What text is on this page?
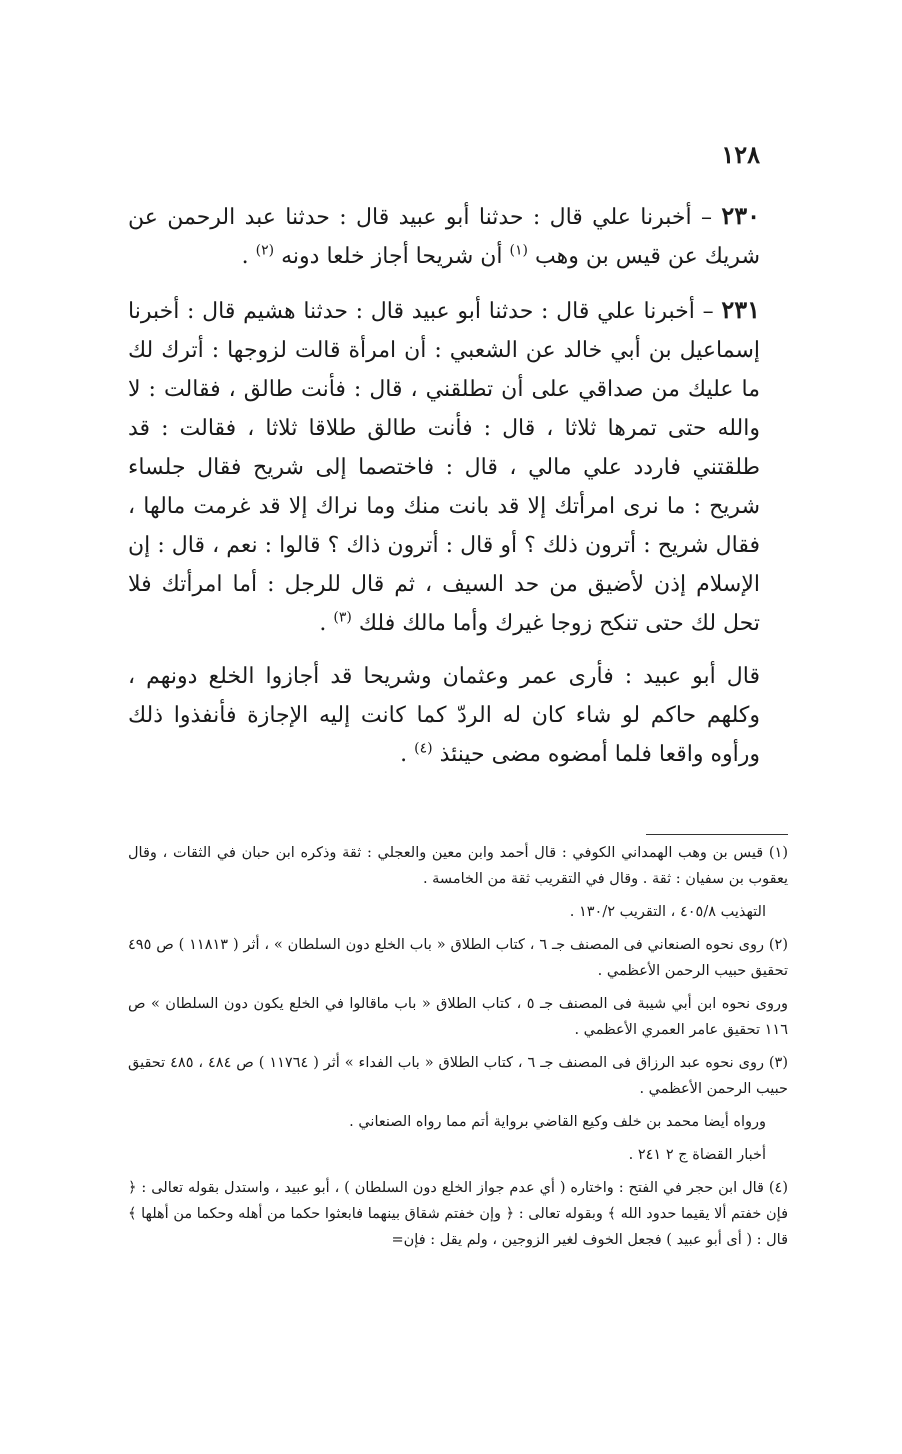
١٢٨

٢٣٠ – أخبرنا علي قال : حدثنا أبو عبيد قال : حدثنا عبد الرحمن عن شريك عن قيس بن وهب $^{(١)}$ أن شريحا أجاز خلعا دونه $^{(٢)}$ .

٢٣١ – أخبرنا علي قال : حدثنا أبو عبيد قال : حدثنا هشيم قال : أخبرنا إسماعيل بن أبي خالد عن الشعبي : أن امرأة قالت لزوجها : أترك لك ما عليك من صداقي على أن تطلقني ، قال : فأنت طالق ، فقالت : لا والله حتى تمرها ثلاثا ، قال : فأنت طالق طلاقا ثلاثا ، فقالت : قد طلقتني فاردد علي مالي ، قال : فاختصما إلى شريح فقال جلساء شريح : ما نرى امرأتك إلا قد بانت منك وما نراك إلا قد غرمت مالها ، فقال شريح : أترون ذلك ؟ أو قال : أترون ذاك ؟ قالوا : نعم ، قال : إن الإسلام إذن لأضيق من حد السيف ، ثم قال للرجل : أما امرأتك فلا تحل لك حتى تنكح زوجا غيرك وأما مالك فلك $^{(٣)}$ .

قال أبو عبيد : فأرى عمر وعثمان وشريحا قد أجازوا الخلع دونهم ، وكلهم حاكم لو شاء كان له الردّ كما كانت إليه الإجازة فأنفذوا ذلك ورأوه واقعا فلما أمضوه مضى حينئذ $^{(٤)}$ .

(١) قيس بن وهب الهمداني الكوفي : قال أحمد وابن معين والعجلي : ثقة وذكره ابن حبان في الثقات ، وقال يعقوب بن سفيان : ثقة . وقال في التقريب ثقة من الخامسة .

التهذيب ٤٠٥/٨ ، التقريب ١٣٠/٢ .

(٢) روى نحوه الصنعاني فى المصنف جـ ٦ ، كتاب الطلاق « باب الخلع دون السلطان » ، أثر ( ١١٨١٣ ) ص ٤٩٥ تحقيق حبيب الرحمن الأعظمي .

وروى نحوه ابن أبي شيبة فى المصنف جـ ٥ ، كتاب الطلاق « باب ماقالوا في الخلع يكون دون السلطان » ص ١١٦ تحقيق عامر العمري الأعظمي .

(٣) روى نحوه عبد الرزاق فى المصنف جـ ٦ ، كتاب الطلاق « باب الفداء » أثر ( ١١٧٦٤ ) ص ٤٨٤ ، ٤٨٥ تحقيق حبيب الرحمن الأعظمي .

ورواه أيضا محمد بن خلف وكيع القاضي برواية أتم مما رواه الصنعاني .

أخبار القضاة ج ٢ ٢٤١ .

(٤) قال ابن حجر في الفتح : واختاره ( أي عدم جواز الخلع دون السلطان ) ، أبو عبيد ، واستدل بقوله تعالى : ﴿ فإن خفتم ألا يقيما حدود الله ﴾ وبقوله تعالى : ﴿ وإن خفتم شقاق بينهما فابعثوا حكما من أهله وحكما من أهلها ﴾ قال : ( أى أبو عبيد ) فجعل الخوف لغير الزوجين ، ولم يقل : فإن=
